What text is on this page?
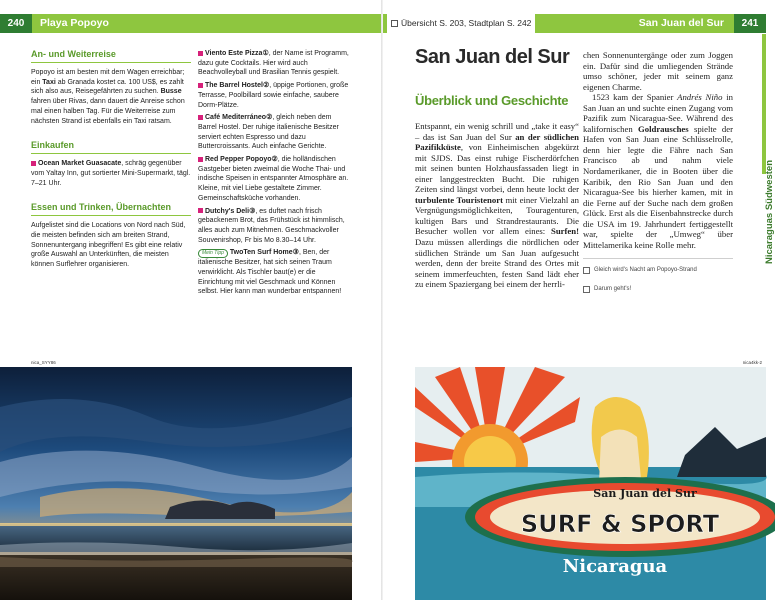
240	Playa Popoyo
An- und Weiterreise
Popoyo ist am besten mit dem Wagen erreichbar; ein Taxi ab Granada kostet ca. 100 US$, es zahlt sich also aus, Reisegefährten zu suchen. Busse fahren über Rivas, dann dauert die Anreise schon mal einen halben Tag. Für die Weiterreise zum nächsten Strand ist ebenfalls ein Taxi ratsam.
Einkaufen
Ocean Market Guasacate, schräg gegenüber vom Yaltay Inn, gut sortierter Mini-Supermarkt, tägl. 7–21 Uhr.
Essen und Trinken, Übernachten
Aufgelistet sind die Locations von Nord nach Süd, die meisten befinden sich am breiten Strand, Sonnenuntergang inbegriffen! Es gibt eine relativ große Auswahl an Unterkünften, die meisten können Surflehrer organisieren.
Viento Este Pizza①, der Name ist Programm, dazu gute Cocktails. Hier wird auch Beachvolleyball und Brasilian Tennis gespielt.
The Barrel Hostel②, üppige Portionen, große Terrasse, Poolbillard sowie einfache, saubere Dorm-Plätze.
Café Mediterráneo②, gleich neben dem Barrel Hostel. Der ruhige italienische Besitzer serviert echten Espresso und dazu Buttercroissants. Auch einfache Gerichte.
Red Pepper Popoyo②, die holländischen Gastgeber bieten zweimal die Woche Thai- und indische Speisen in entspannter Atmosphäre an. Kleine, mit viel Liebe gestaltete Zimmer. Gemeinschaftsküche vorhanden.
Dutchy's Deli③, es duftet nach frisch gebackenem Brot, das Frühstück ist himmlisch, alles auch zum Mitnehmen. Geschmackvoller Souvenirshop, Fr bis Mo 8.30–14 Uhr.
Mein Tipp TwoTen Surf Home③, Ben, der italienische Besitzer, hat sich seinen Traum verwirklicht. Als Tischler baut(e) er die Einrichtung mit viel Geschmack und Können selbst. Hier kann man wunderbar entspannen!
nica_SYY86
Übersicht S. 203, Stadtplan S. 242	San Juan del Sur	241
Nicaraguas Südwesten
San Juan del Sur
Überblick und Geschichte

Entspannt, ein wenig schrill und „take it easy“ – das ist San Juan del Sur an der südlichen Pazifikküste, von Einheimischen abgekürzt mit SJDS. Das einst ruhige Fischerdörfchen mit seinen bunten Holzhausfassaden liegt in einer langgestreckten Bucht. Die ruhigen Zeiten sind längst vorbei, denn heute lockt der turbulente Touristenort mit einer Vielzahl an Vergnügungsmöglichkeiten, Touragenturen, kultigen Bars und Strandrestaurants. Die Besucher wollen vor allem eines: Surfen! Dazu müssen allerdings die nördlichen oder südlichen Strände um San Juan aufgesucht werden, denn der breite Strand des Ortes mit seinem immerfeuchten, festen Sand lädt eher zu einem Spaziergang bei einem der herrli-

chen Sonnenuntergänge oder zum Joggen ein. Dafür sind die umliegenden Strände umso schöner, jeder mit seinem ganz eigenen Charme.

1523 kam der Spanier Andrés Niño in San Juan an und suchte einen Zugang vom Pazifik zum Nicaragua-See. Während des kalifornischen Goldrausches spielte der Hafen von San Juan eine Schlüsselrolle, denn hier legte die Fähre nach San Francisco ab und nahm viele Nordamerikaner, die in Booten über die Karibik, den Rio San Juan und den Nicaragua-See bis hierher kamen, mit in die Ferne auf der Suche nach dem großen Glück. Erst als die Eisenbahnstrecke durch die USA im 19. Jahrhundert fertiggestellt war, spielte der „Umweg“ über Mittelamerika keine Rolle mehr.

Gleich wird's Nacht am Popoyo-Strand
Darum geht's!
nica4kk-2
San Juan del Sur
SURF & SPORT
Nicaragua
